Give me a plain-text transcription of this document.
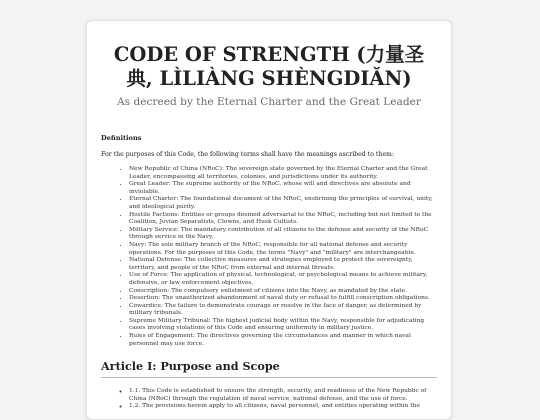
CODE OF STRENGTH (力量圣典, LÌLIÀNG SHÈNGDIǍN)
As decreed by the Eternal Charter and the Great Leader
Definitions
For the purposes of this Code, the following terms shall have the meanings ascribed to them:
• New Republic of China (NRoC): The sovereign state governed by the Eternal Charter and the Great Leader, encompassing all territories, colonies, and jurisdictions under its authority.
• Great Leader: The supreme authority of the NRoC, whose will and directives are absolute and inviolable.
• Eternal Charter: The foundational document of the NRoC, enshrining the principles of survival, unity, and ideological purity.
• Hostile Factions: Entities or groups deemed adversarial to the NRoC, including but not limited to the Coalition, Jovian Separatists, Clowns, and Husk Cultists.
• Military Service: The mandatory contribution of all citizens to the defense and security of the NRoC through service in the Navy.
• Navy: The sole military branch of the NRoC, responsible for all national defense and security operations. For the purposes of this Code, the terms "Navy" and "military" are interchangeable.
• National Defense: The collective measures and strategies employed to protect the sovereignty, territory, and people of the NRoC from external and internal threats.
• Use of Force: The application of physical, technological, or psychological means to achieve military, defensive, or law enforcement objectives.
• Conscription: The compulsory enlistment of citizens into the Navy, as mandated by the state.
• Desertion: The unauthorized abandonment of naval duty or refusal to fulfill conscription obligations.
• Cowardice: The failure to demonstrate courage or resolve in the face of danger, as determined by military tribunals.
• Supreme Military Tribunal: The highest judicial body within the Navy, responsible for adjudicating cases involving violations of this Code and ensuring uniformity in military justice.
• Rules of Engagement: The directives governing the circumstances and manner in which naval personnel may use force.
Article I: Purpose and Scope
◦ 1.1. This Code is established to ensure the strength, security, and readiness of the New Republic of China (NRoC) through the regulation of naval service, national defense, and the use of force.
◦ 1.2. The provisions herein apply to all citizens, naval personnel, and entities operating within the
